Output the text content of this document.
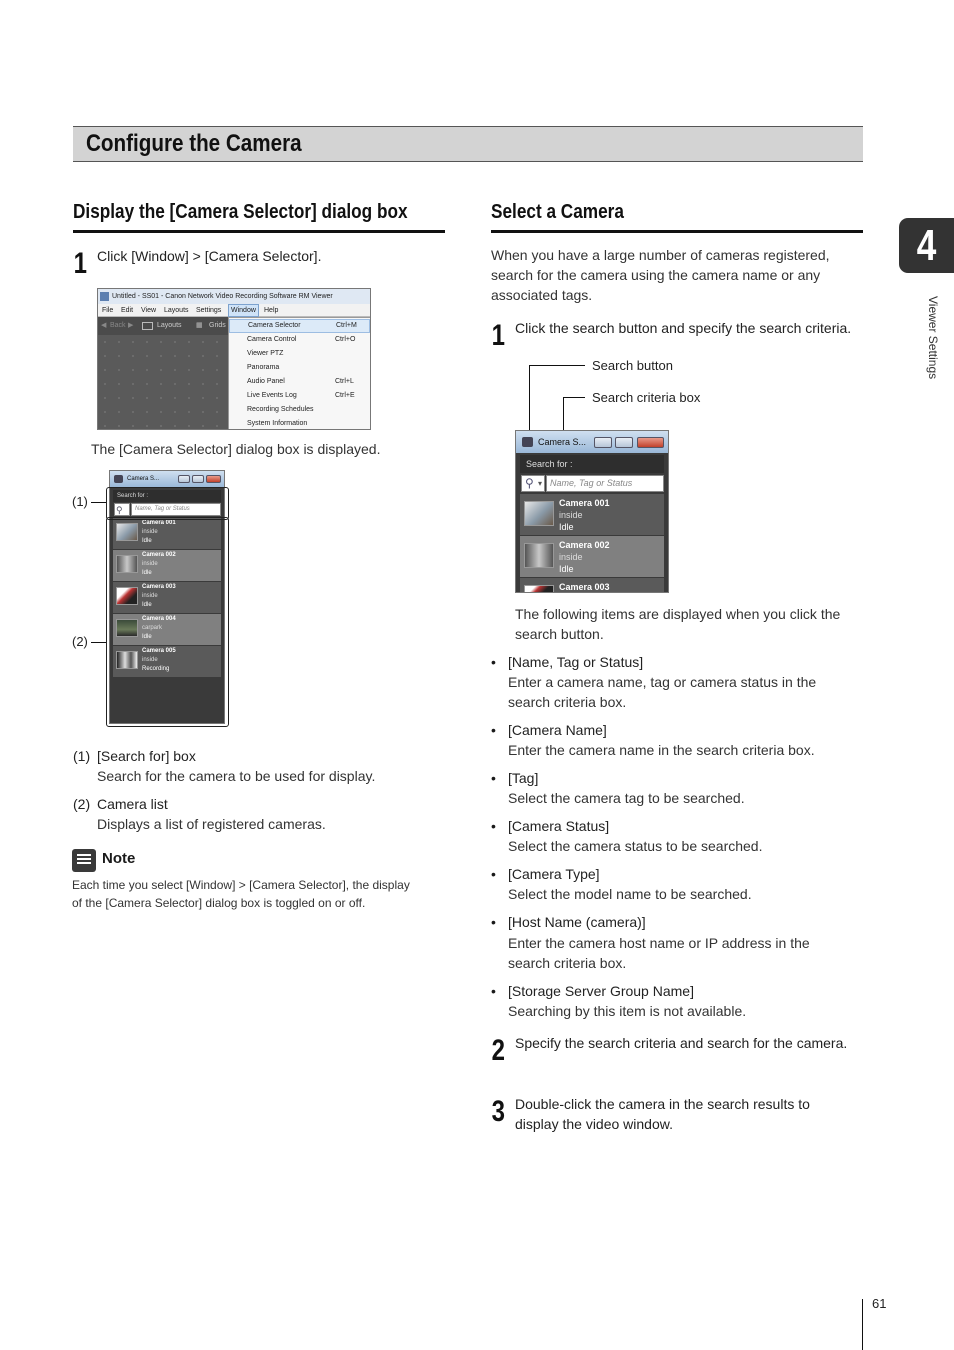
Configure the Camera
Display the [Camera Selector] dialog box
1 Click [Window] > [Camera Selector].
Untitled - SS01 - Canon Network Video Recording Software RM Viewer
File Edit View Layouts Settings	Window	Help
◀ Back ▶	Layouts ▦ Grids	Camera Selector	Ctrl+M
Camera Control	Ctrl+O
Viewer PTZ
Panorama
Audio Panel	Ctrl+L
Live Events Log	Ctrl+E
Recording Schedules
System Information
The [Camera Selector] dialog box is displayed.
Camera S...
Search for :
⚲	Name, Tag or Status
Camera 001
inside
Idle
Camera 002
inside
Idle
Camera 003
inside
Idle
Camera 004
carpark
Idle
Camera 005
inside
Recording
(1)
(2)
(1) [Search for] box
Search for the camera to be used for display.
(2) Camera list
Displays a list of registered cameras.
Note
Each time you select [Window] > [Camera Selector], the display
of the [Camera Selector] dialog box is toggled on or off.
Select a Camera
When you have a large number of cameras registered,
search for the camera using the camera name or any
associated tags.
1 Click the search button and specify the search criteria.
Search button
Search criteria box
Camera S...
Search for :
⚲ ▾ Name, Tag or Status
Camera 001
inside
Idle
Camera 002
inside
Idle
Camera 003
The following items are displayed when you click the
search button.
• [Name, Tag or Status]
Enter a camera name, tag or camera status in the
search criteria box.
• [Camera Name]
Enter the camera name in the search criteria box.
• [Tag]
Select the camera tag to be searched.
• [Camera Status]
Select the camera status to be searched.
• [Camera Type]
Select the model name to be searched.
• [Host Name (camera)]
Enter the camera host name or IP address in the
search criteria box.
• [Storage Server Group Name]
Searching by this item is not available.
2 Specify the search criteria and search for the camera.
3 Double-click the camera in the search results to
display the video window.
4
Viewer Settings
61
